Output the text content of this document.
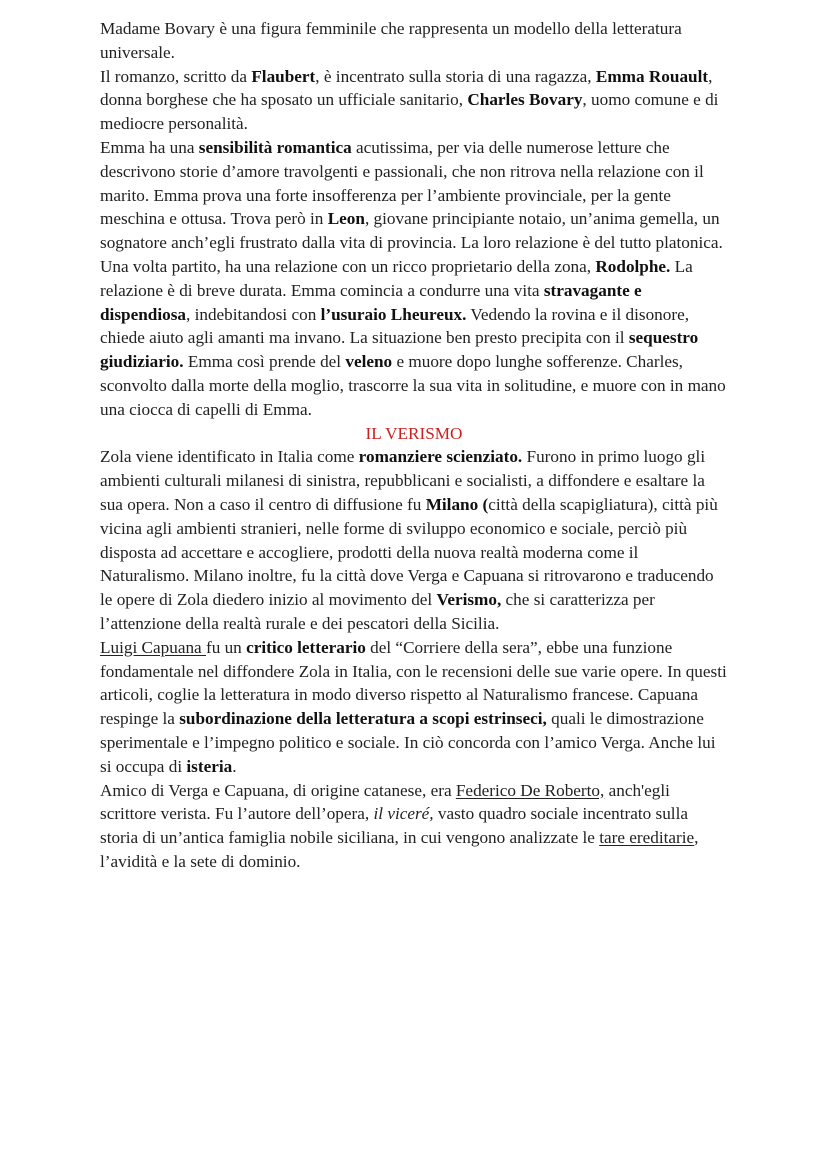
Madame Bovary è una figura femminile che rappresenta un modello della letteratura universale.

Il romanzo, scritto da Flaubert, è incentrato sulla storia di una ragazza, Emma Rouault, donna borghese che ha sposato un ufficiale sanitario, Charles Bovary, uomo comune e di mediocre personalità.

Emma ha una sensibilità romantica acutissima, per via delle numerose letture che descrivono storie d’amore travolgenti e passionali, che non ritrova nella relazione con il marito. Emma prova una forte insofferenza per l’ambiente provinciale, per la gente meschina e ottusa. Trova però in Leon, giovane principiante notaio, un’anima gemella, un sognatore anch’egli frustrato dalla vita di provincia. La loro relazione è del tutto platonica. Una volta partito, ha una relazione con un ricco proprietario della zona, Rodolphe. La relazione è di breve durata. Emma comincia a condurre una vita stravagante e dispendiosa, indebitandosi con l’usuraio Lheureux. Vedendo la rovina e il disonore, chiede aiuto agli amanti ma invano. La situazione ben presto precipita con il sequestro giudiziario. Emma così prende del veleno e muore dopo lunghe sofferenze. Charles, sconvolto dalla morte della moglio, trascorre la sua vita in solitudine, e muore con in mano una ciocca di capelli di Emma.

IL VERISMO

Zola viene identificato in Italia come romanziere scienziato. Furono in primo luogo gli ambienti culturali milanesi di sinistra, repubblicani e socialisti, a diffondere e esaltare la sua opera. Non a caso il centro di diffusione fu Milano (città della scapigliatura), città più vicina agli ambienti stranieri, nelle forme di sviluppo economico e sociale, perciò più disposta ad accettare e accogliere, prodotti della nuova realtà moderna come il Naturalismo. Milano inoltre, fu la città dove Verga e Capuana si ritrovarono e traducendo le opere di Zola diedero inizio al movimento del Verismo, che si caratterizza per l’attenzione della realtà rurale e dei pescatori della Sicilia.

Luigi Capuana fu un critico letterario del “Corriere della sera”, ebbe una funzione fondamentale nel diffondere Zola in Italia, con le recensioni delle sue varie opere. In questi articoli, coglie la letteratura in modo diverso rispetto al Naturalismo francese. Capuana respinge la subordinazione della letteratura a scopi estrinseci, quali le dimostrazione sperimentale e l’impegno politico e sociale. In ciò concorda con l’amico Verga. Anche lui si occupa di isteria.

Amico di Verga e Capuana, di origine catanese, era Federico De Roberto, anch'egli scrittore verista. Fu l’autore dell’opera, il viceré, vasto quadro sociale incentrato sulla storia di un’antica famiglia nobile siciliana, in cui vengono analizzate le tare ereditarie, l’avidità e la sete di dominio.
